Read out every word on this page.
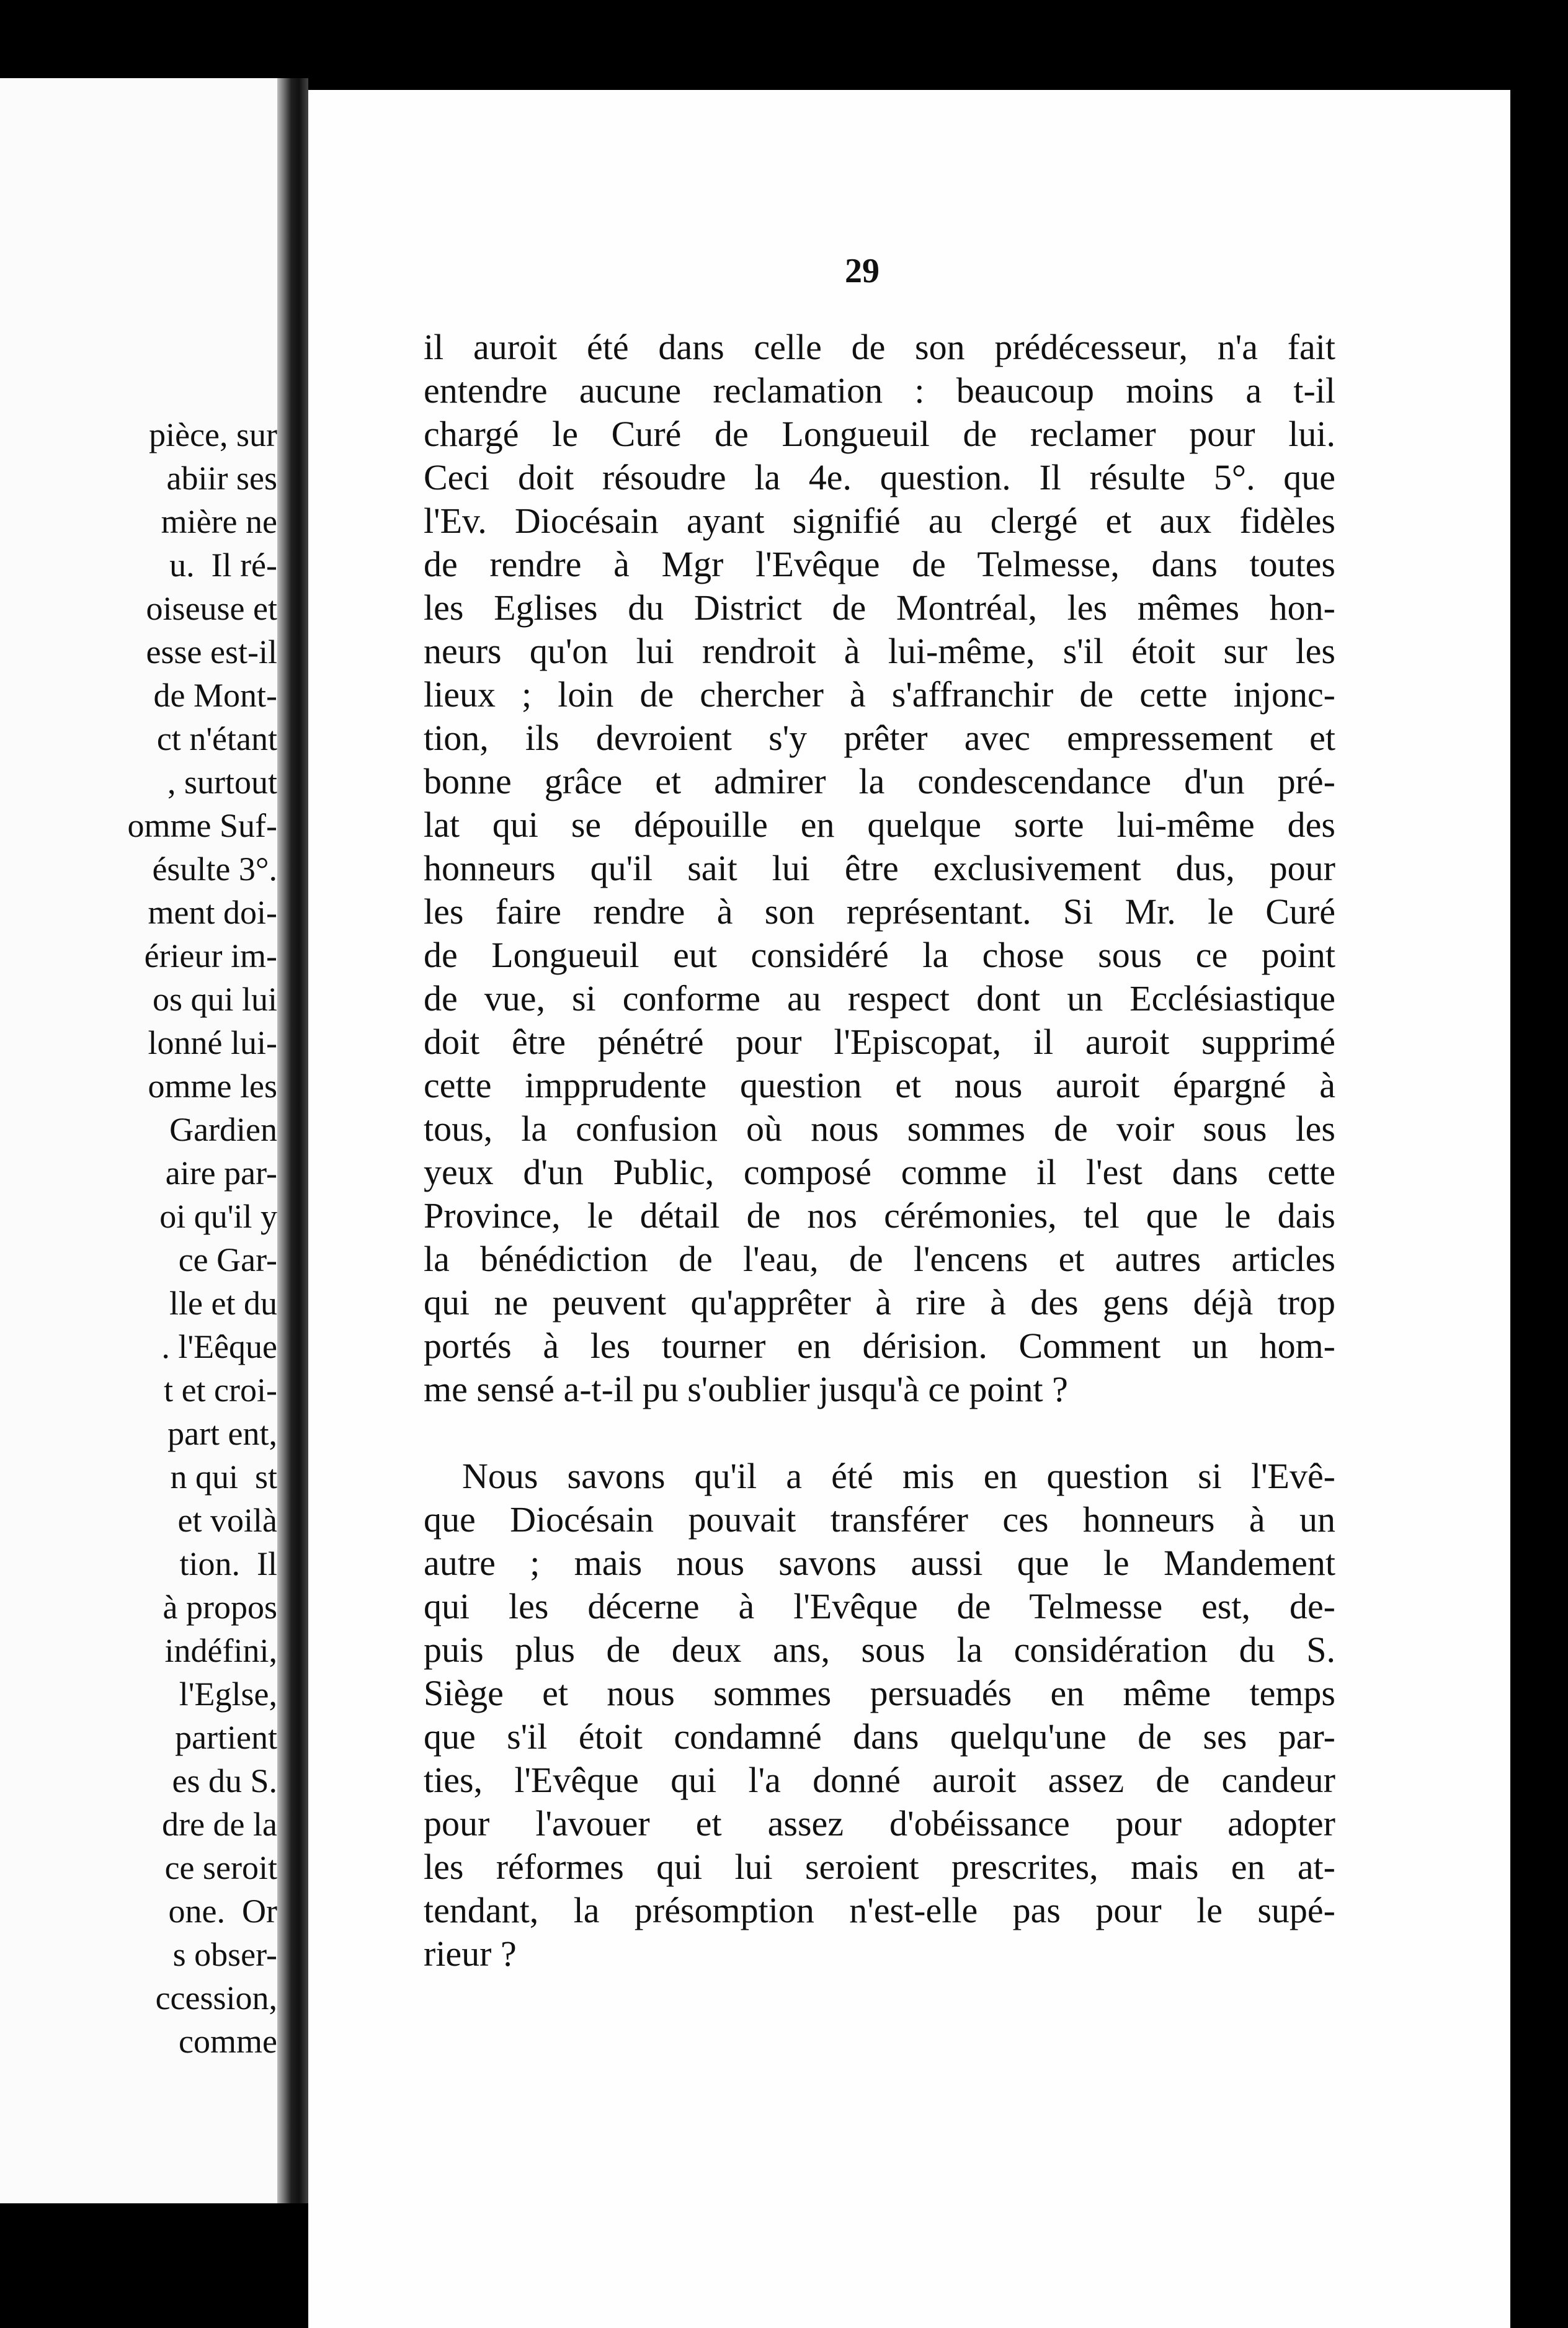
pièce, sur
abiir ses
mière ne
u.  Il ré-
oiseuse et
esse est-il
de Mont-
ct n'étant
, surtout
omme Suf-
ésulte 3°.
ment doi-
érieur im-
os qui lui
lonné lui-
omme les
Gardien
aire par-
oi qu'il y
ce Gar-
lle et du
. l'Eêque
t et croi-
part ent,
n qui  st
et voilà
tion.  Il
à propos
indéfini,
l'Eglse,
partient
es du S.
dre de la
ce seroit
one.  Or
s obser-
ccession,
comme
29
il auroit été dans celle de son prédécesseur, n'a fait
entendre aucune reclamation : beaucoup moins a t-il
chargé le Curé de Longueuil de reclamer pour lui.
Ceci doit résoudre la 4e. question. Il résulte 5°. que
l'Ev. Diocésain ayant signifié au clergé et aux fidèles
de rendre à Mgr l'Evêque de Telmesse, dans toutes
les Eglises du District de Montréal, les mêmes hon-
neurs qu'on lui rendroit à lui-même, s'il étoit sur les
lieux ; loin de chercher à s'affranchir de cette injonc-
tion, ils devroient s'y prêter avec empressement et
bonne grâce et admirer la condescendance d'un pré-
lat qui se dépouille en quelque sorte lui-même des
honneurs qu'il sait lui être exclusivement dus, pour
les faire rendre à son représentant. Si Mr. le Curé
de Longueuil eut considéré la chose sous ce point
de vue, si conforme au respect dont un Ecclésiastique
doit être pénétré pour l'Episcopat, il auroit supprimé
cette impprudente question et nous auroit épargné à
tous, la confusion où nous sommes de voir sous les
yeux d'un Public, composé comme il l'est dans cette
Province, le détail de nos cérémonies, tel que le dais
la bénédiction de l'eau, de l'encens et autres articles
qui ne peuvent qu'apprêter à rire à des gens déjà trop
portés à les tourner en dérision. Comment un hom-
me sensé a-t-il pu s'oublier jusqu'à ce point ?
Nous savons qu'il a été mis en question si l'Evê-
que Diocésain pouvait transférer ces honneurs à un
autre ; mais nous savons aussi que le Mandement
qui les décerne à l'Evêque de Telmesse est, de-
puis plus de deux ans, sous la considération du S.
Siège et nous sommes persuadés en même temps
que s'il étoit condamné dans quelqu'une de ses par-
ties, l'Evêque qui l'a donné auroit assez de candeur
pour l'avouer et assez d'obéissance pour adopter
les réformes qui lui seroient prescrites, mais en at-
tendant, la présomption n'est-elle pas pour le supé-
rieur ?
